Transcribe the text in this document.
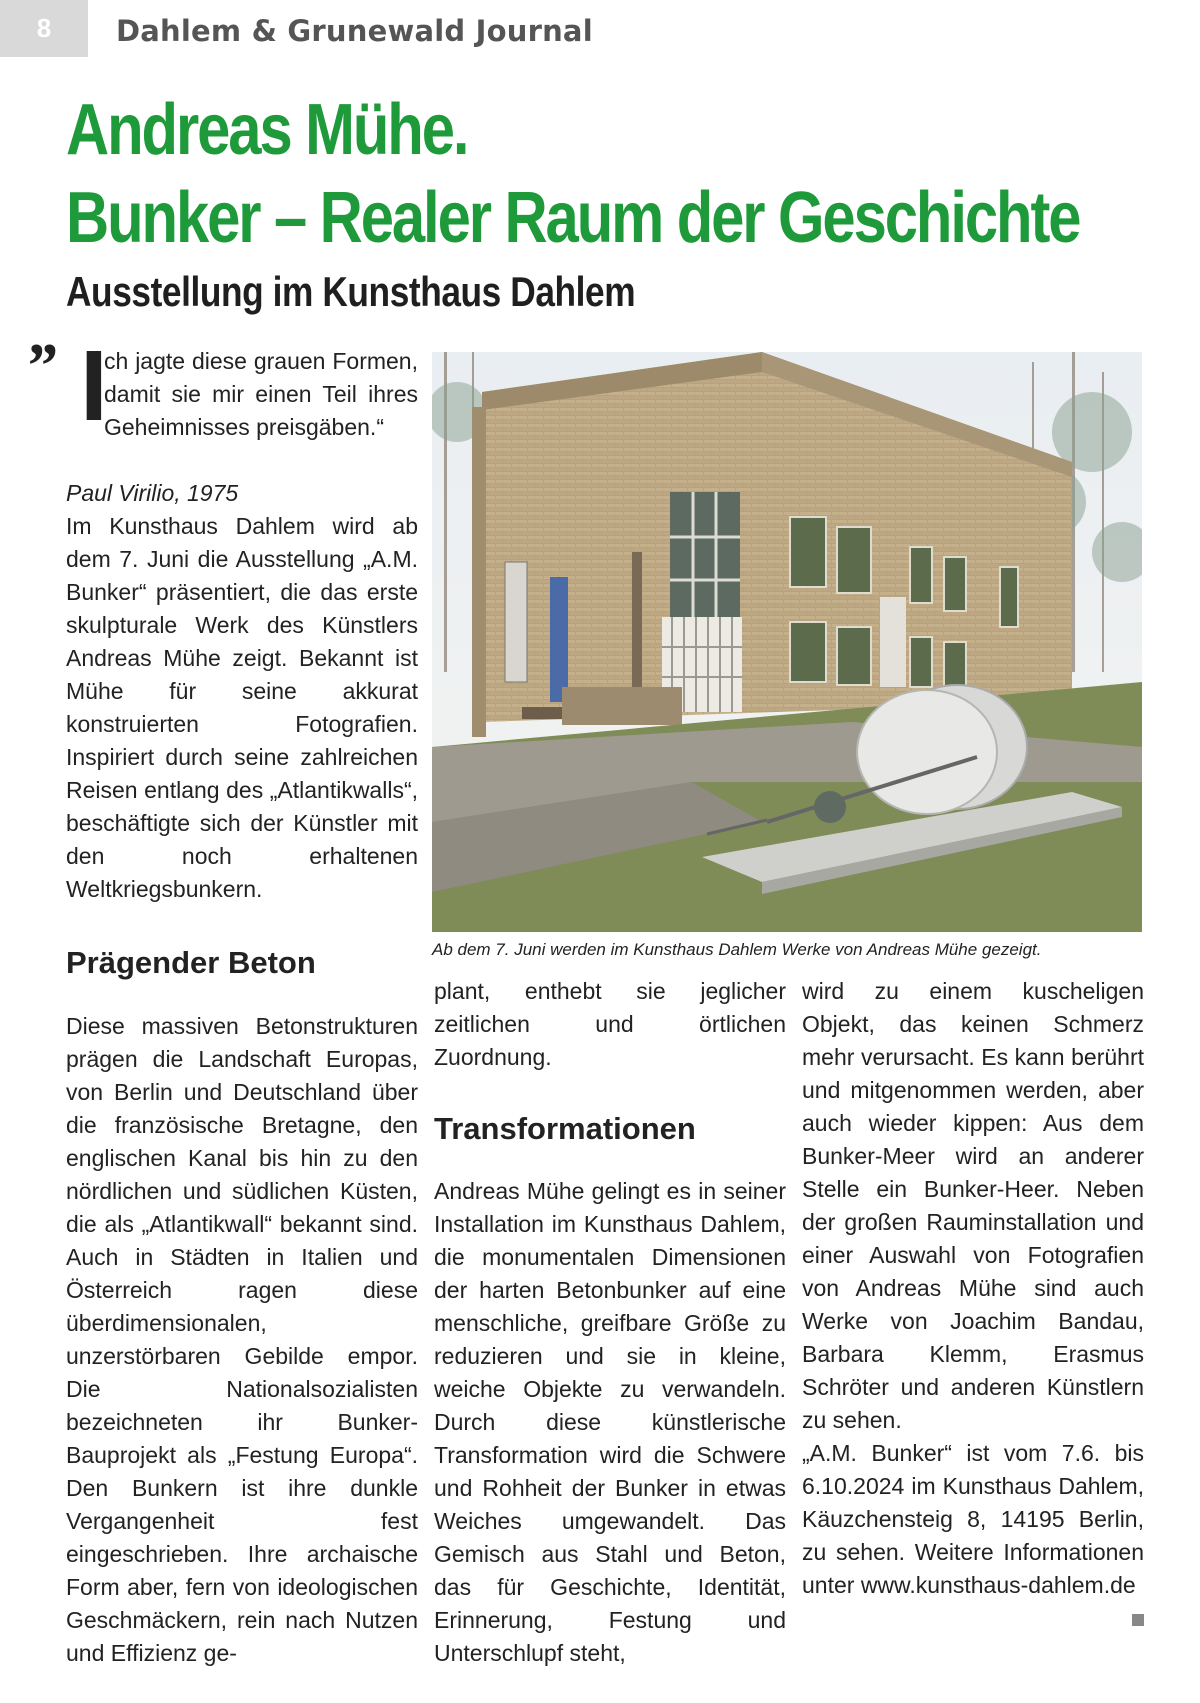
8 Dahlem & Grunewald Journal
Andreas Mühe.
Bunker – Realer Raum der Geschichte
Ausstellung im Kunsthaus Dahlem
„ I
ch jagte diese grauen Formen, damit sie mir einen Teil ihres Geheimnisses preisgäben.“
Paul Virilio, 1975

Im Kunsthaus Dahlem wird ab dem 7. Juni die Ausstellung „A.M. Bunker“ präsentiert, die das erste skulpturale Werk des Künstlers Andreas Mühe zeigt. Bekannt ist Mühe für seine akkurat konstruierten Fotografien. Inspiriert durch seine zahlreichen Reisen entlang des „Atlantikwalls“, beschäftigte sich der Künstler mit den noch erhaltenen Weltkriegsbunkern.

Ab dem 7. Juni werden im Kunsthaus Dahlem Werke von Andreas Mühe gezeigt.
Prägender Beton

Diese massiven Betonstrukturen prägen die Landschaft Europas, von Berlin und Deutschland über die französische Bretagne, den englischen Kanal bis hin zu den nördlichen und südlichen Küsten, die als „Atlantikwall“ bekannt sind. Auch in Städten in Italien und Österreich ragen diese überdimensionalen, unzerstörbaren Gebilde empor. Die Nationalsozialisten bezeichneten ihr Bunker-Bauprojekt als „Festung Europa“. Den Bunkern ist ihre dunkle Vergangenheit fest eingeschrieben. Ihre archaische Form aber, fern von ideologischen Geschmäckern, rein nach Nutzen und Effizienz ge-

plant, enthebt sie jeglicher zeitlichen und örtlichen Zuordnung.

Transformationen

Andreas Mühe gelingt es in seiner Installation im Kunsthaus Dahlem, die monumentalen Dimensionen der harten Betonbunker auf eine menschliche, greifbare Größe zu reduzieren und sie in kleine, weiche Objekte zu verwandeln. Durch diese künstlerische Transformation wird die Schwere und Rohheit der Bunker in etwas Weiches umgewandelt. Das Gemisch aus Stahl und Beton, das für Geschichte, Identität, Erinnerung, Festung und Unterschlupf steht,

wird zu einem kuscheligen Objekt, das keinen Schmerz mehr verursacht. Es kann berührt und mitgenommen werden, aber auch wieder kippen: Aus dem Bunker-Meer wird an anderer Stelle ein Bunker-Heer. Neben der großen Rauminstallation und einer Auswahl von Fotografien von Andreas Mühe sind auch Werke von Joachim Bandau, Barbara Klemm, Erasmus Schröter und anderen Künstlern zu sehen.

„A.M. Bunker“ ist vom 7.6. bis 6.10.2024 im Kunsthaus Dahlem, Käuzchensteig 8, 14195 Berlin, zu sehen. Weitere Informationen unter www.kunsthaus-dahlem.de
